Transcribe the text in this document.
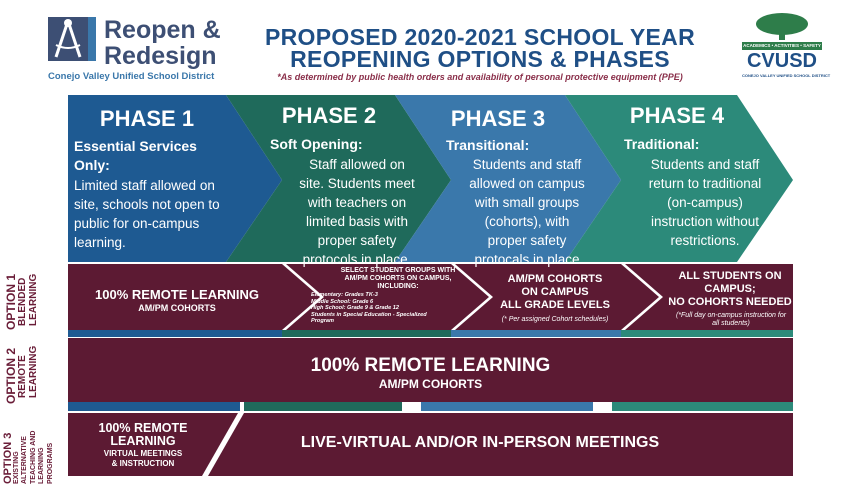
Reopen &
Redesign
Conejo Valley Unified School District
PROPOSED 2020-2021 SCHOOL YEAR
REOPENING OPTIONS & PHASES
*As determined by public health orders and availability of personal protective equipment (PPE)
ACADEMICS • ACTIVITIES • SAFETY
CVUSD
CONEJO VALLEY UNIFIED SCHOOL DISTRICT
PHASE 1
Essential Services
Only:
Limited staff allowed on
site, schools not open to
public for on-campus
learning.
PHASE 2
Soft Opening:
Staff allowed on
site. Students meet
with teachers on
limited basis with
proper safety
protocols in place.
PHASE 3
Transitional:
Students and staff
allowed on campus
with small groups
(cohorts), with
proper safety
protocals in place
PHASE 4
Traditional:
Students and staff
return to traditional
(on-campus)
instruction without
restrictions.
OPTION 1 BLENDED LEARNING
OPTION 2 REMOTE LEARNING
OPTION 3
EXISTING ALTERNATIVE TEACHING AND LEARNING PROGRAMS
100% REMOTE LEARNING
AM/PM COHORTS
SELECT STUDENT GROUPS WITH
AM/PM COHORTS ON CAMPUS,
INCLUDING:
Elementary: Grades TK-3
Middle School: Grade 6
High School: Grade 9 & Grade 12
Students in Special Education - Specialized
Program
AM/PM COHORTS
ON CAMPUS
ALL GRADE LEVELS
(* Per assigned Cohort schedules)
ALL STUDENTS ON
CAMPUS;
NO COHORTS NEEDED
(*Full day on-campus instruction for
all students)
100% REMOTE LEARNING
AM/PM COHORTS
100% REMOTE
LEARNING
VIRTUAL MEETINGS
& INSTRUCTION
LIVE-VIRTUAL AND/OR IN-PERSON MEETINGS
